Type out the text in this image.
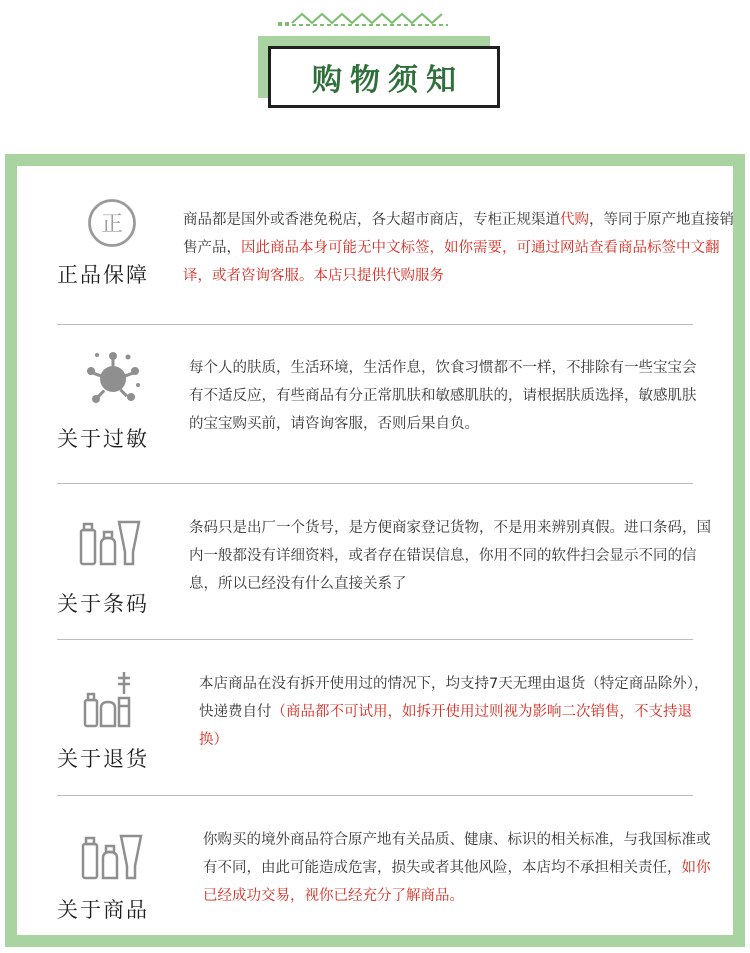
购物须知
正
正品保障
商品都是国外或香港免税店，各大超市商店，专柜正规渠道代购，等同于原产地直接销售产品，因此商品本身可能无中文标签，如你需要，可通过网站查看商品标签中文翻译，或者咨询客服。本店只提供代购服务
关于过敏
每个人的肤质，生活环境，生活作息，饮食习惯都不一样，不排除有一些宝宝会有不适反应，有些商品有分正常肌肤和敏感肌肤的，请根据肤质选择，敏感肌肤的宝宝购买前，请咨询客服，否则后果自负。
关于条码
条码只是出厂一个货号，是方便商家登记货物，不是用来辨别真假。进口条码，国内一般都没有详细资料，或者存在错误信息，你用不同的软件扫会显示不同的信息，所以已经没有什么直接关系了
关于退货
本店商品在没有拆开使用过的情况下，均支持7天无理由退货（特定商品除外），快递费自付（商品都不可试用，如拆开使用过则视为影响二次销售，不支持退换）
关于商品
你购买的境外商品符合原产地有关品质、健康、标识的相关标准，与我国标准或有不同，由此可能造成危害，损失或者其他风险，本店均不承担相关责任，如你已经成功交易，视你已经充分了解商品。
